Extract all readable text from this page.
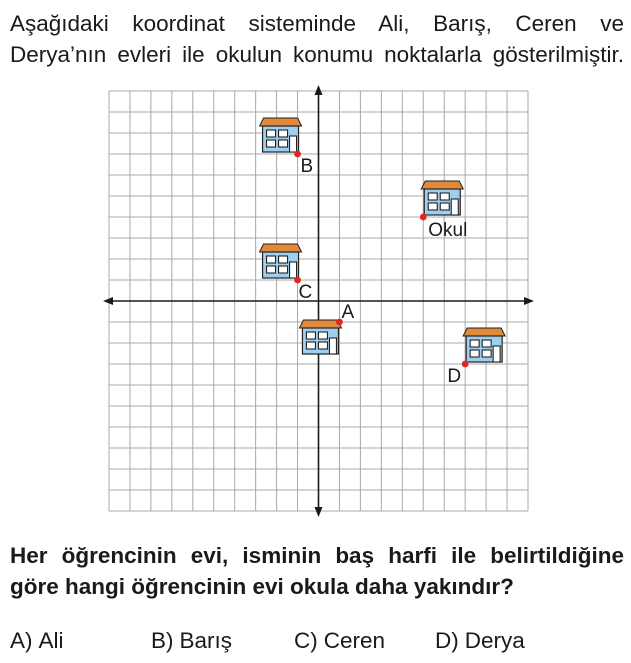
Aşağıdaki koordinat sisteminde Ali, Barış, Ceren ve
Derya’nın evleri ile okulun konumu noktalarla gösterilmiştir.

B
Okul
C
A
D

Her öğrencinin evi, isminin baş harfi ile belirtildiğine
göre hangi öğrencinin evi okula daha yakındır?

A) Ali	B) Barış	C) Ceren D) Derya
